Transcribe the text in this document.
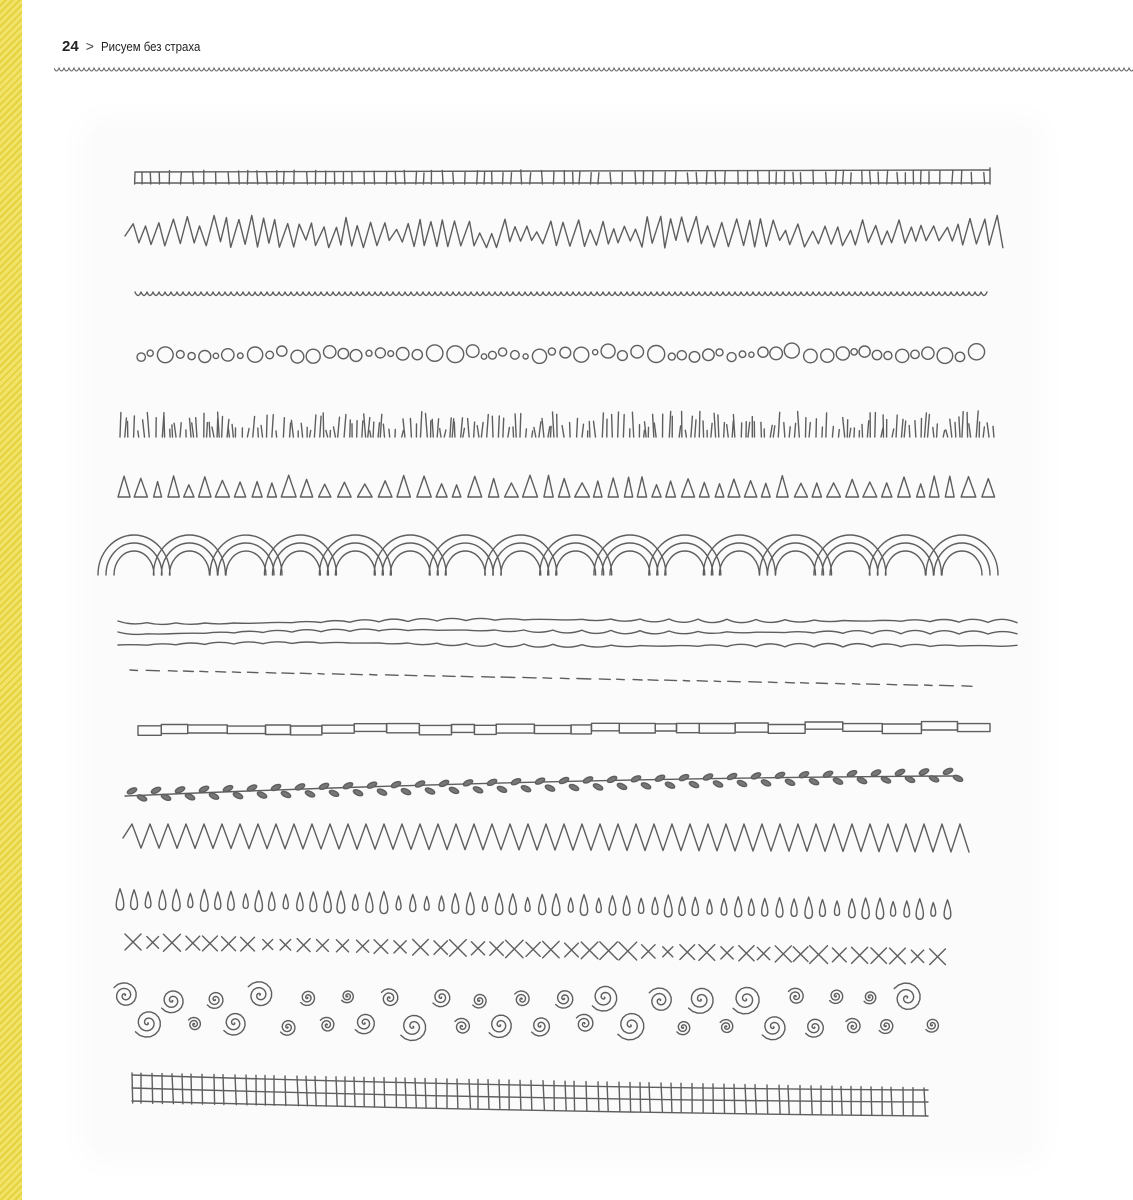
24 > Рисуем без страха
